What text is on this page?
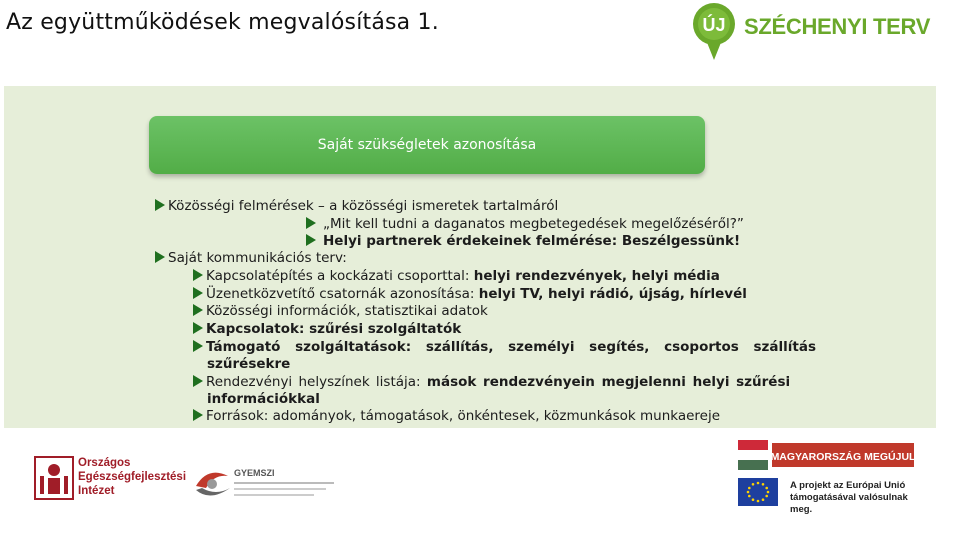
Az együttműködések megvalósítása 1.	ÚJ SZÉCHENYI TERV
Saját szükségletek azonosítása
Közösségi felmérések – a közösségi ismeretek tartalmáról
„Mit kell tudni a daganatos megbetegedések megelőzéséről?”
Helyi partnerek érdekeinek felmérése: Beszélgessünk!
Saját kommunikációs terv:
Kapcsolatépítés a kockázati csoporttal: helyi rendezvények, helyi média
Üzenetközvetítő csatornák azonosítása: helyi TV, helyi rádió, újság, hírlevél
Közösségi információk, statisztikai adatok
Kapcsolatok: szűrési szolgáltatók
Támogató szolgáltatások: szállítás, személyi segítés, csoportos szállítás
szűrésekre
Rendezvényi helyszínek listája: mások rendezvényein megjelenni helyi szűrési
információkkal
Források: adományok, támogatások, önkéntesek, közmunkások munkaereje
Országos
Egészségfejlesztési
Intézet
GYEMSZI
MAGYARORSZÁG MEGÚJUL
A projekt az Európai Unió
támogatásával valósulnak meg.
